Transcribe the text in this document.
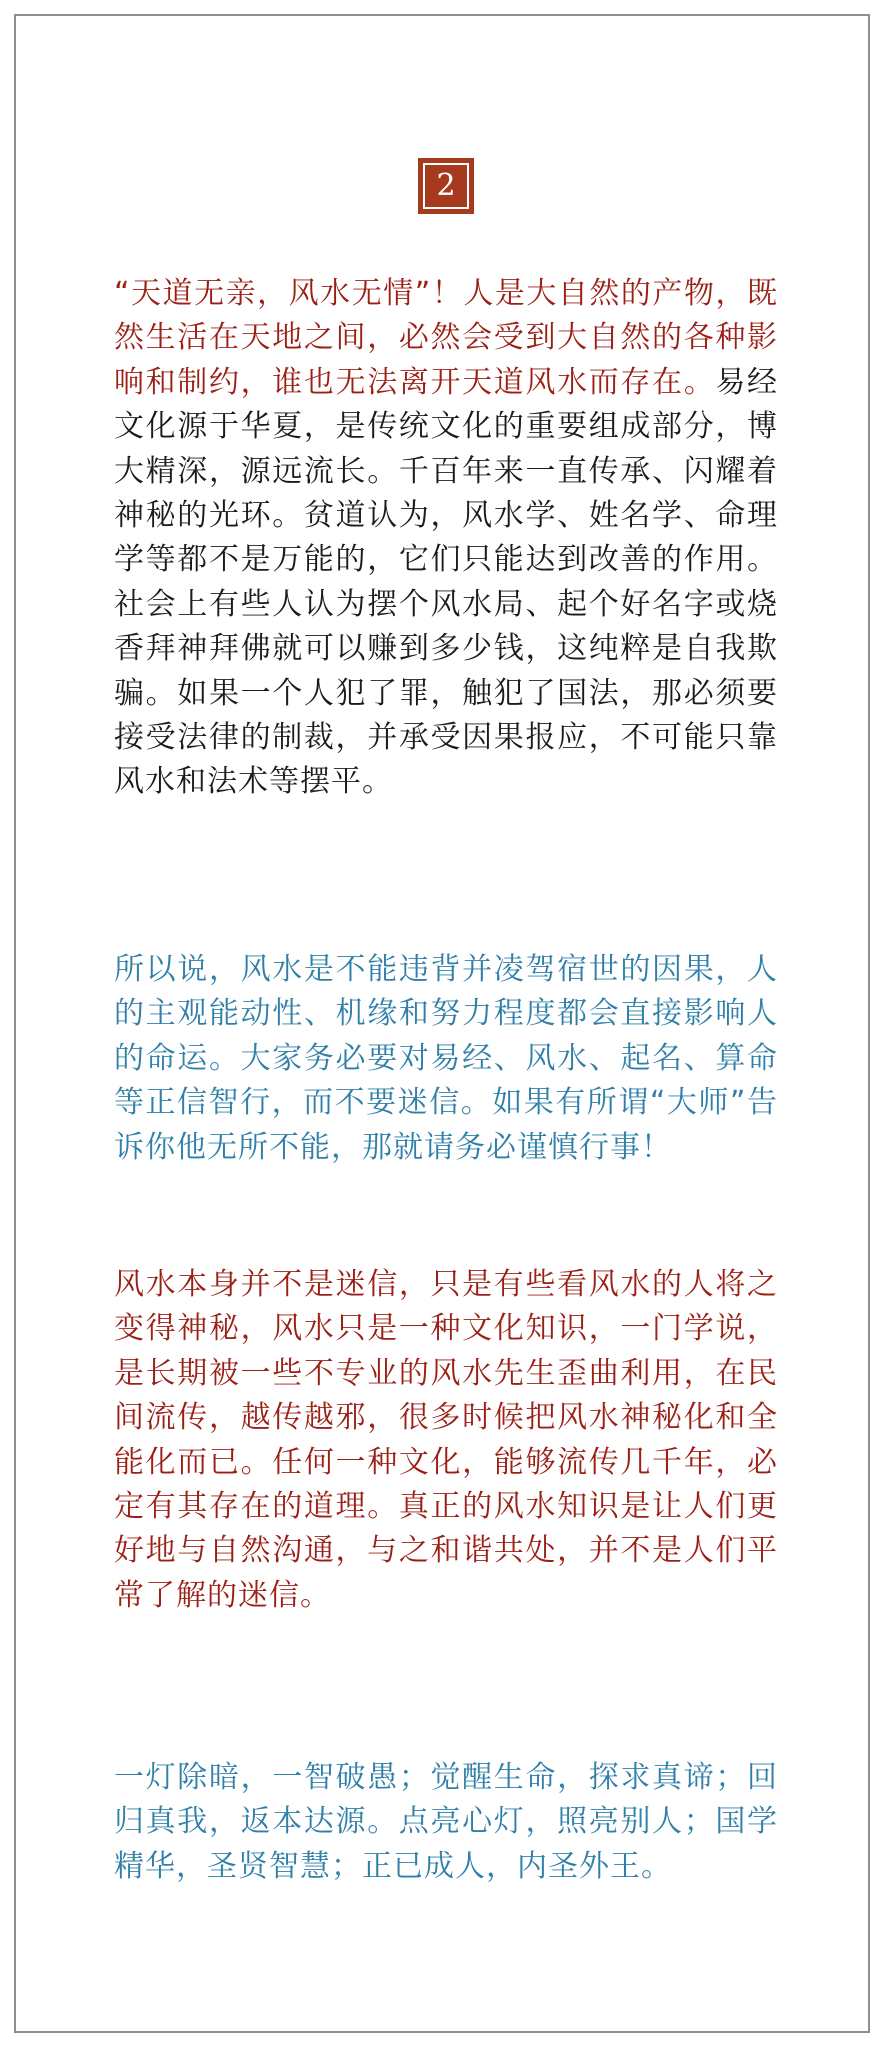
2

“天道无亲，风水无情”！人是大自然的产物，既然生活在天地之间，必然会受到大自然的各种影响和制约，谁也无法离开天道风水而存在。易经文化源于华夏，是传统文化的重要组成部分，博大精深，源远流长。千百年来一直传承、闪耀着神秘的光环。贫道认为，风水学、姓名学、命理学等都不是万能的，它们只能达到改善的作用。社会上有些人认为摆个风水局、起个好名字或烧香拜神拜佛就可以赚到多少钱，这纯粹是自我欺骗。如果一个人犯了罪，触犯了国法，那必须要接受法律的制裁，并承受因果报应，不可能只靠风水和法术等摆平。

所以说，风水是不能违背并凌驾宿世的因果，人的主观能动性、机缘和努力程度都会直接影响人的命运。大家务必要对易经、风水、起名、算命等正信智行，而不要迷信。如果有所谓“大师”告诉你他无所不能，那就请务必谨慎行事！

风水本身并不是迷信，只是有些看风水的人将之变得神秘，风水只是一种文化知识，一门学说，是长期被一些不专业的风水先生歪曲利用，在民间流传，越传越邪，很多时候把风水神秘化和全能化而已。任何一种文化，能够流传几千年，必定有其存在的道理。真正的风水知识是让人们更好地与自然沟通，与之和谐共处，并不是人们平常了解的迷信。

一灯除暗，一智破愚；觉醒生命，探求真谛；回归真我，返本达源。点亮心灯，照亮别人；国学精华，圣贤智慧；正已成人，内圣外王。
